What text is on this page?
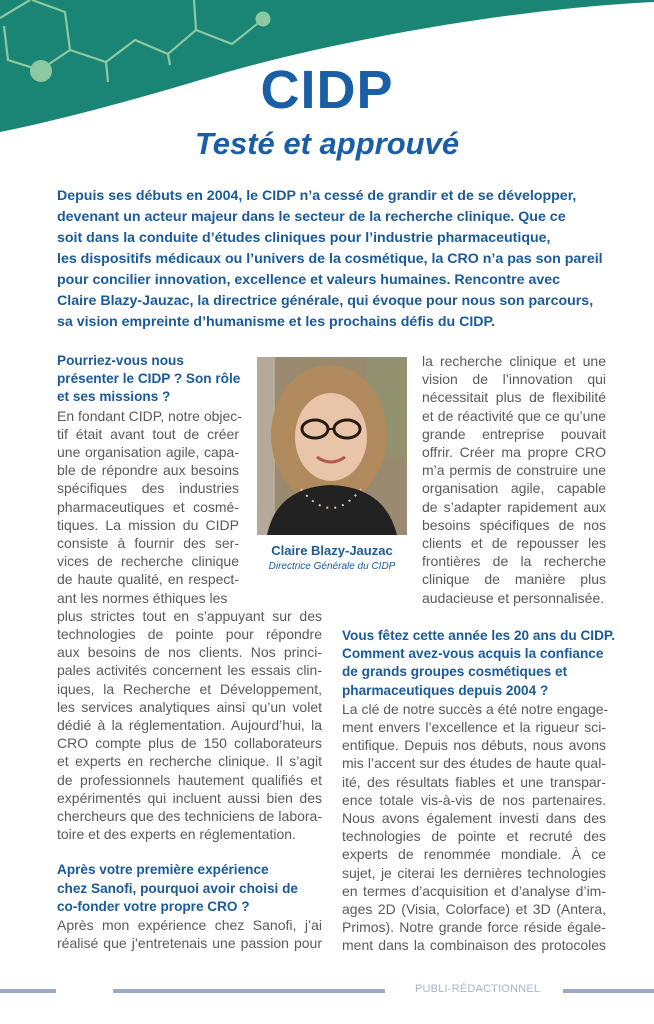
CIDP
Testé et approuvé
Depuis ses débuts en 2004, le CIDP n’a cessé de grandir et de se développer,
devenant un acteur majeur dans le secteur de la recherche clinique. Que ce
soit dans la conduite d’études cliniques pour l’industrie pharmaceutique,
les dispositifs médicaux ou l’univers de la cosmétique, la CRO n’a pas son pareil
pour concilier innovation, excellence et valeurs humaines. Rencontre avec
Claire Blazy-Jauzac, la directrice générale, qui évoque pour nous son parcours,
sa vision empreinte d’humanisme et les prochains défis du CIDP.
Pourriez-vous nous
présenter le CIDP ? Son rôle
et ses missions ?
En fondant CIDP, notre objec-
tif était avant tout de créer
une organisation agile, capa-
ble de répondre aux besoins
spécifiques des industries
pharmaceutiques et cosmé-
tiques. La mission du CIDP
consiste à fournir des ser-
vices de recherche clinique
de haute qualité, en respect-
ant les normes éthiques les
plus strictes tout en s’appuyant sur des
technologies de pointe pour répondre
aux besoins de nos clients. Nos princi-
pales activités concernent les essais clin-
iques, la Recherche et Développement,
les services analytiques ainsi qu’un volet
dédié à la réglementation. Aujourd’hui, la
CRO compte plus de 150 collaborateurs
et experts en recherche clinique. Il s’agit
de professionnels hautement qualifiés et
expérimentés qui incluent aussi bien des
chercheurs que des techniciens de labora-
toire et des experts en réglementation.
Après votre première expérience
chez Sanofi, pourquoi avoir choisi de
co-fonder votre propre CRO ?
Après mon expérience chez Sanofi, j’ai
réalisé que j’entretenais une passion pour
Claire Blazy-Jauzac
Directrice Générale du CIDP
la recherche clinique et une
vision de l’innovation qui
nécessitait plus de flexibilité
et de réactivité que ce qu’une
grande entreprise pouvait
offrir. Créer ma propre CRO
m’a permis de construire une
organisation agile, capable
de s’adapter rapidement aux
besoins spécifiques de nos
clients et de repousser les
frontières de la recherche
clinique de manière plus
audacieuse et personnalisée.
Vous fêtez cette année les 20 ans du CIDP.
Comment avez-vous acquis la confiance
de grands groupes cosmétiques et
pharmaceutiques depuis 2004 ?
La clé de notre succès a été notre engage-
ment envers l’excellence et la rigueur sci-
entifique. Depuis nos débuts, nous avons
mis l’accent sur des études de haute qual-
ité, des résultats fiables et une transpar-
ence totale vis-à-vis de nos partenaires.
Nous avons également investi dans des
technologies de pointe et recruté des
experts de renommée mondiale. À ce
sujet, je citerai les dernières technologies
en termes d’acquisition et d’analyse d’im-
ages 2D (Visia, Colorface) et 3D (Antera,
Primos). Notre grande force réside égale-
ment dans la combinaison des protocoles
PUBLI-RÉDACTIONNEL
